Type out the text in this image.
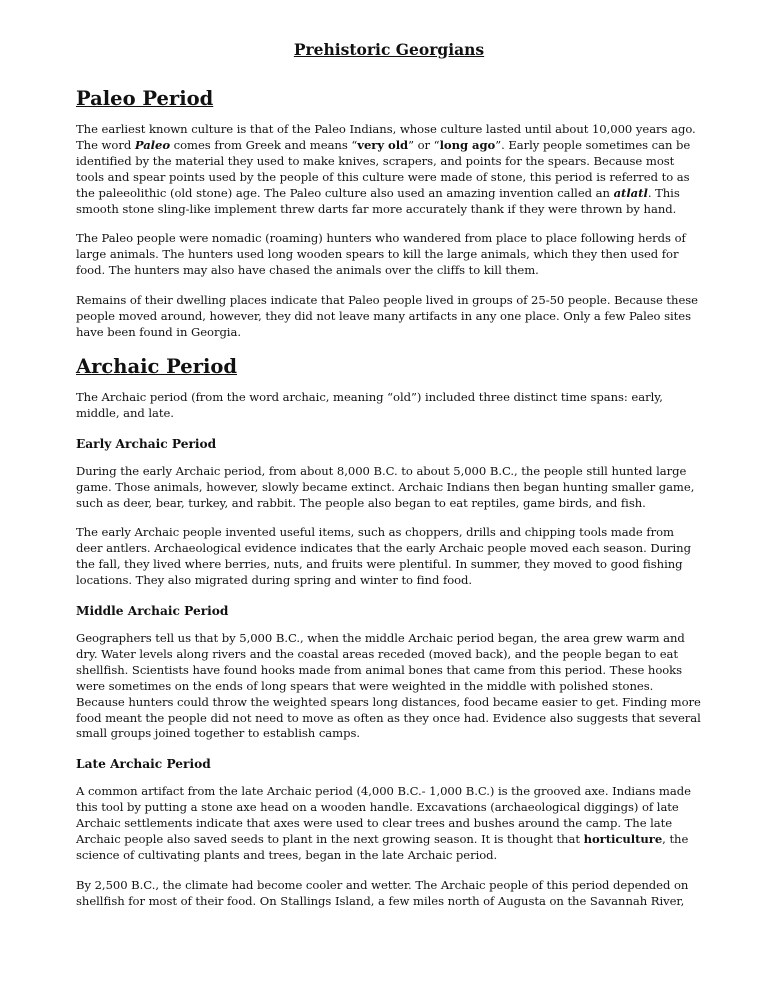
Prehistoric Georgians
Paleo Period

The earliest known culture is that of the Paleo Indians, whose culture lasted until about 10,000 years ago. The word Paleo comes from Greek and means “very old” or “long ago”. Early people sometimes can be identified by the material they used to make knives, scrapers, and points for the spears. Because most tools and spear points used by the people of this culture were made of stone, this period is referred to as the paleeolithic (old stone) age. The Paleo culture also used an amazing invention called an atlatl. This smooth stone sling-like implement threw darts far more accurately thank if they were thrown by hand.

The Paleo people were nomadic (roaming) hunters who wandered from place to place following herds of large animals. The hunters used long wooden spears to kill the large animals, which they then used for food. The hunters may also have chased the animals over the cliffs to kill them.

Remains of their dwelling places indicate that Paleo people lived in groups of 25-50 people. Because these people moved around, however, they did not leave many artifacts in any one place. Only a few Paleo sites have been found in Georgia.

Archaic Period

The Archaic period (from the word archaic, meaning “old”) included three distinct time spans: early, middle, and late.

Early Archaic Period

During the early Archaic period, from about 8,000 B.C. to about 5,000 B.C., the people still hunted large game. Those animals, however, slowly became extinct. Archaic Indians then began hunting smaller game, such as deer, bear, turkey, and rabbit. The people also began to eat reptiles, game birds, and fish.

The early Archaic people invented useful items, such as choppers, drills and chipping tools made from deer antlers. Archaeological evidence indicates that the early Archaic people moved each season. During the fall, they lived where berries, nuts, and fruits were plentiful. In summer, they moved to good fishing locations. They also migrated during spring and winter to find food.

Middle Archaic Period

Geographers tell us that by 5,000 B.C., when the middle Archaic period began, the area grew warm and dry. Water levels along rivers and the coastal areas receded (moved back), and the people began to eat shellfish. Scientists have found hooks made from animal bones that came from this period. These hooks were sometimes on the ends of long spears that were weighted in the middle with polished stones. Because hunters could throw the weighted spears long distances, food became easier to get. Finding more food meant the people did not need to move as often as they once had. Evidence also suggests that several small groups joined together to establish camps.

Late Archaic Period

A common artifact from the late Archaic period (4,000 B.C.- 1,000 B.C.) is the grooved axe. Indians made this tool by putting a stone axe head on a wooden handle. Excavations (archaeological diggings) of late Archaic settlements indicate that axes were used to clear trees and bushes around the camp. The late Archaic people also saved seeds to plant in the next growing season. It is thought that horticulture, the science of cultivating plants and trees, began in the late Archaic period.

By 2,500 B.C., the climate had become cooler and wetter. The Archaic people of this period depended on shellfish for most of their food. On Stallings Island, a few miles north of Augusta on the Savannah River,
